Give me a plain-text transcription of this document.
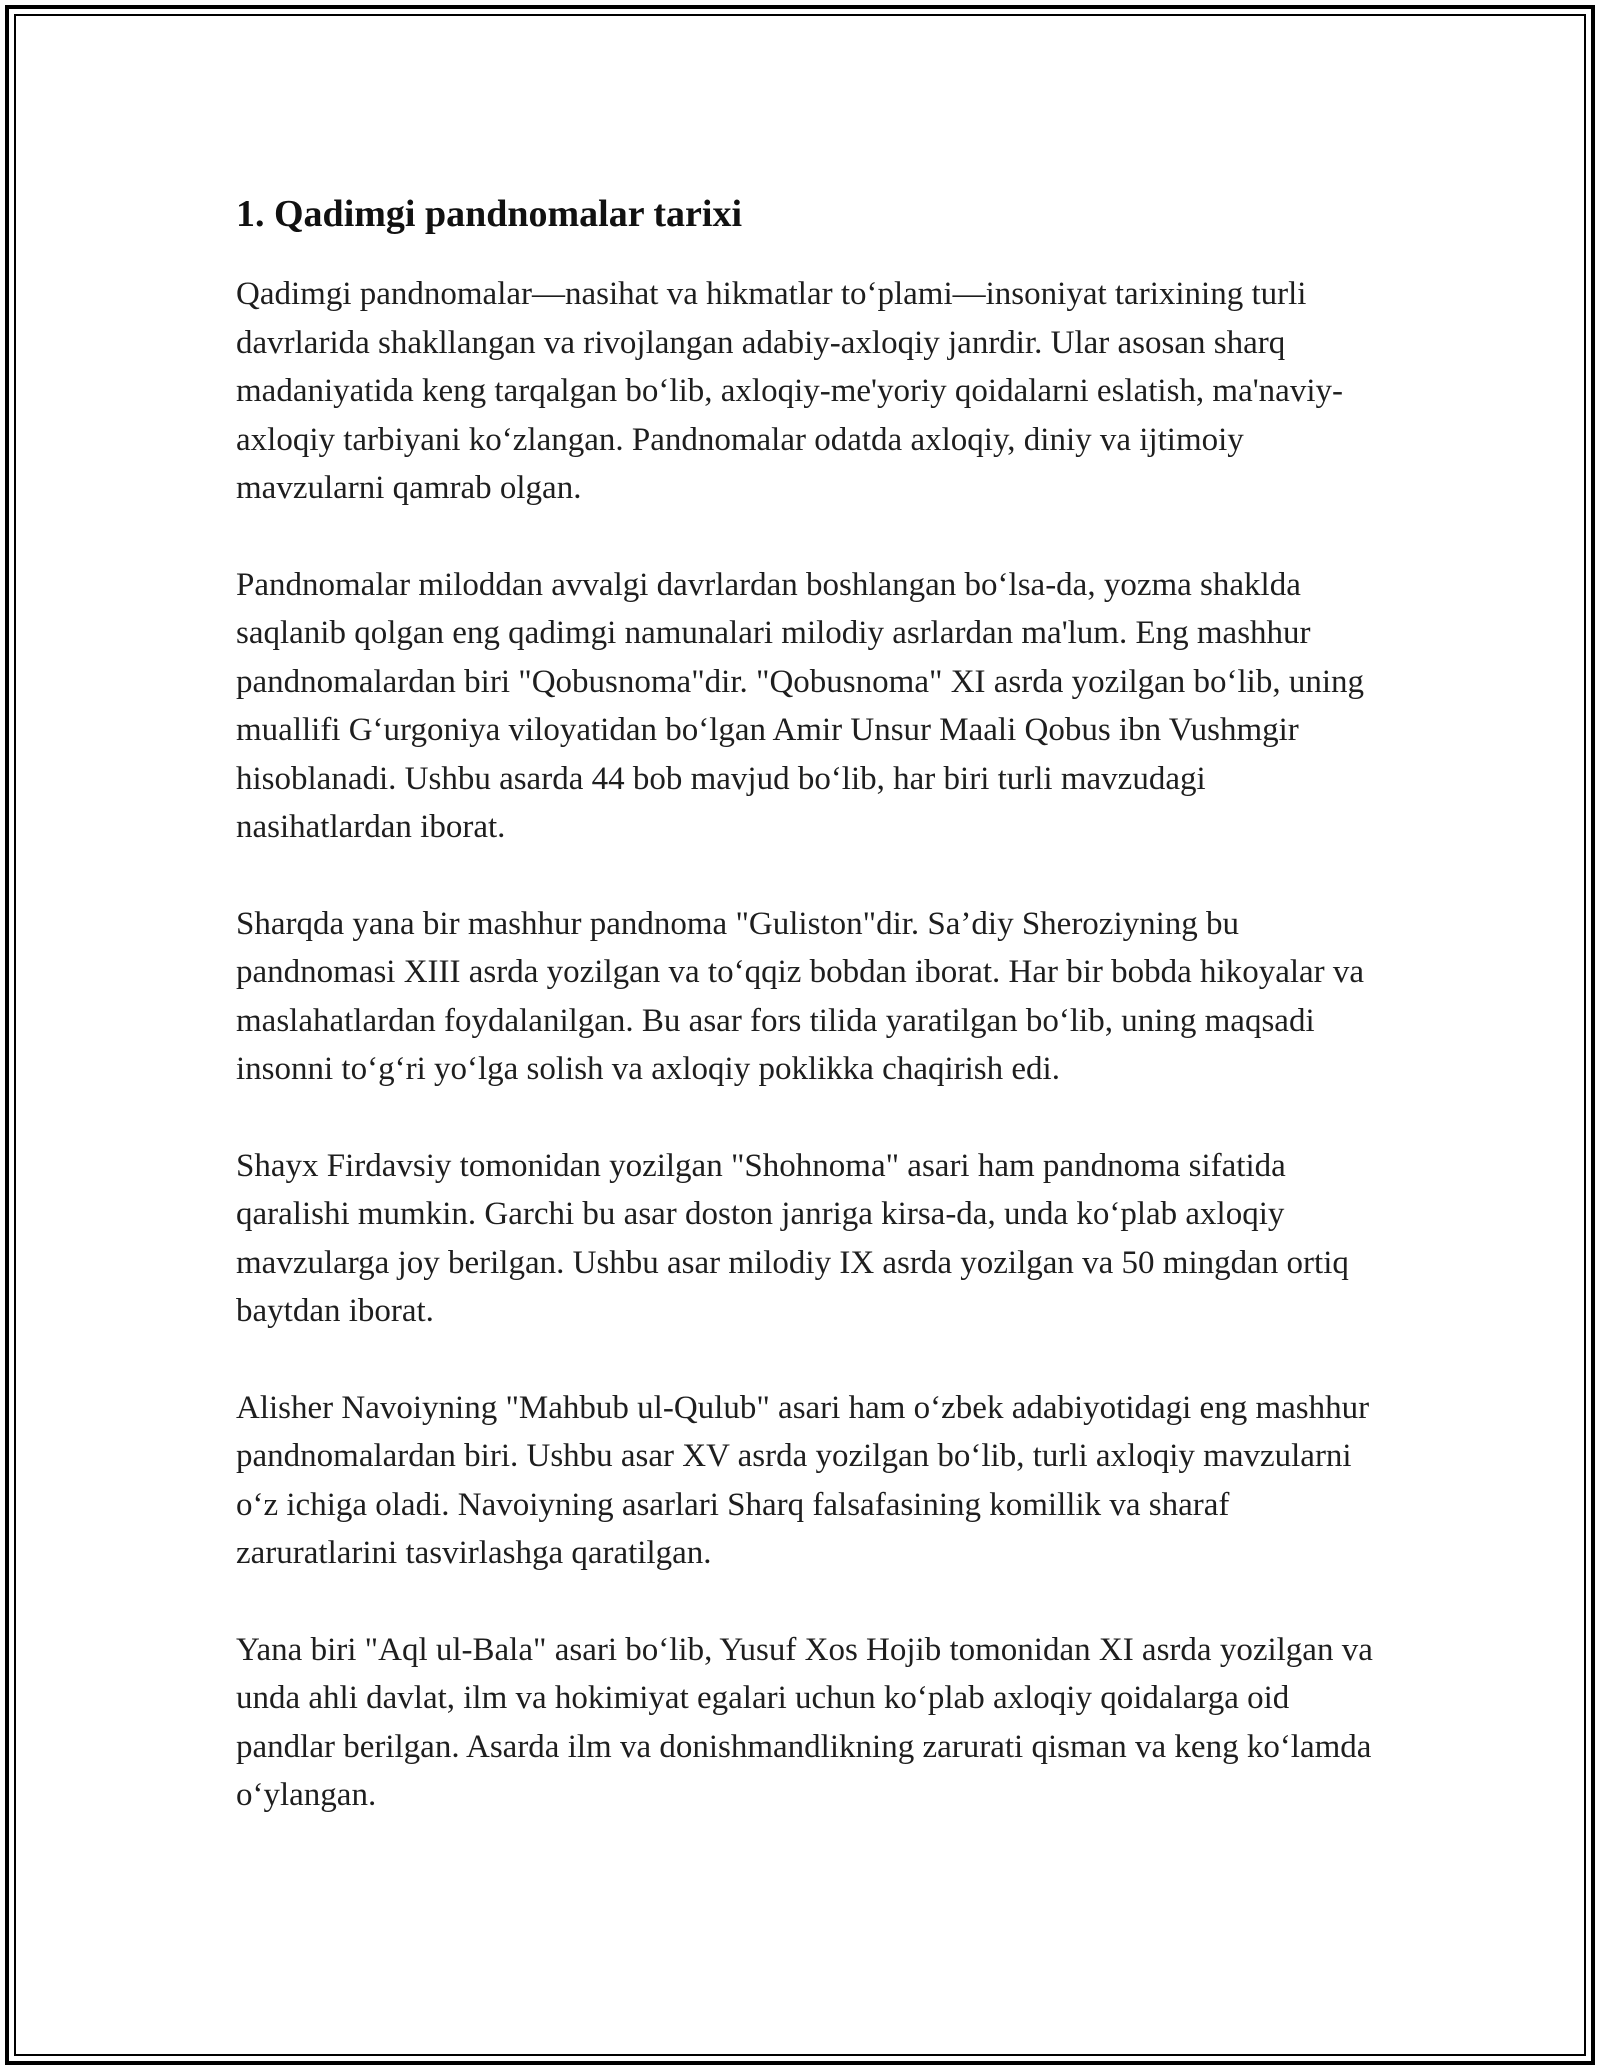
1. Qadimgi pandnomalar tarixi

Qadimgi pandnomalar—nasihat va hikmatlar to‘plami—insoniyat tarixining turli davrlarida shakllangan va rivojlangan adabiy-axloqiy janrdir. Ular asosan sharq madaniyatida keng tarqalgan bo‘lib, axloqiy-me'yoriy qoidalarni eslatish, ma'naviy-axloqiy tarbiyani ko‘zlangan. Pandnomalar odatda axloqiy, diniy va ijtimoiy mavzularni qamrab olgan.

Pandnomalar miloddan avvalgi davrlardan boshlangan bo‘lsa-da, yozma shaklda saqlanib qolgan eng qadimgi namunalari milodiy asrlardan ma'lum. Eng mashhur pandnomalardan biri "Qobusnoma"dir. "Qobusnoma" XI asrda yozilgan bo‘lib, uning muallifi G‘urgoniya viloyatidan bo‘lgan Amir Unsur Maali Qobus ibn Vushmgir hisoblanadi. Ushbu asarda 44 bob mavjud bo‘lib, har biri turli mavzudagi nasihatlardan iborat.

Sharqda yana bir mashhur pandnoma "Guliston"dir. Sa’diy Sheroziyning bu pandnomasi XIII asrda yozilgan va to‘qqiz bobdan iborat. Har bir bobda hikoyalar va maslahatlardan foydalanilgan. Bu asar fors tilida yaratilgan bo‘lib, uning maqsadi insonni to‘g‘ri yo‘lga solish va axloqiy poklikka chaqirish edi.

Shayx Firdavsiy tomonidan yozilgan "Shohnoma" asari ham pandnoma sifatida qaralishi mumkin. Garchi bu asar doston janriga kirsa-da, unda ko‘plab axloqiy mavzularga joy berilgan. Ushbu asar milodiy IX asrda yozilgan va 50 mingdan ortiq baytdan iborat.

Alisher Navoiyning "Mahbub ul-Qulub" asari ham o‘zbek adabiyotidagi eng mashhur pandnomalardan biri. Ushbu asar XV asrda yozilgan bo‘lib, turli axloqiy mavzularni o‘z ichiga oladi. Navoiyning asarlari Sharq falsafasining komillik va sharaf zaruratlarini tasvirlashga qaratilgan.

Yana biri "Aql ul-Bala" asari bo‘lib, Yusuf Xos Hojib tomonidan XI asrda yozilgan va unda ahli davlat, ilm va hokimiyat egalari uchun ko‘plab axloqiy qoidalarga oid pandlar berilgan. Asarda ilm va donishmandlikning zarurati qisman va keng ko‘lamda o‘ylangan.
